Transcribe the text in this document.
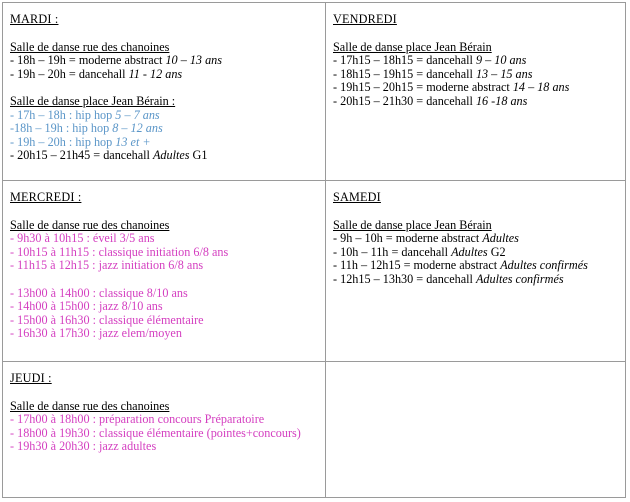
MARDI :

Salle de danse rue des chanoines

- 18h – 19h = moderne abstract 10 – 13 ans

- 19h – 20h = dancehall 11 - 12 ans

Salle de danse place Jean Bérain :

- 17h – 18h : hip hop 5 – 7 ans

-18h – 19h : hip hop 8 – 12 ans

- 19h – 20h : hip hop 13 et +

- 20h15 – 21h45 = dancehall Adultes G1

VENDREDI

Salle de danse place Jean Bérain

- 17h15 – 18h15 = dancehall 9 – 10 ans

- 18h15 – 19h15 = dancehall 13 – 15 ans

- 19h15 – 20h15 = moderne abstract 14 – 18 ans

- 20h15 – 21h30 = dancehall 16 -18 ans

MERCREDI :

Salle de danse rue des chanoines

- 9h30 à 10h15 : éveil 3/5 ans

- 10h15 à 11h15 : classique initiation 6/8 ans

- 11h15 à 12h15 : jazz initiation 6/8 ans

- 13h00 à 14h00 : classique 8/10 ans

- 14h00 à 15h00 : jazz 8/10 ans

- 15h00 à 16h30 : classique élémentaire

- 16h30 à 17h30 : jazz elem/moyen

SAMEDI

Salle de danse place Jean Bérain

- 9h – 10h = moderne abstract Adultes

- 10h – 11h = dancehall Adultes G2

- 11h – 12h15 = moderne abstract Adultes confirmés

- 12h15 – 13h30 = dancehall Adultes confirmés

JEUDI :

Salle de danse rue des chanoines

- 17h00 à 18h00 : préparation concours Préparatoire

- 18h00 à 19h30 : classique élémentaire (pointes+concours)

- 19h30 à 20h30 : jazz adultes
